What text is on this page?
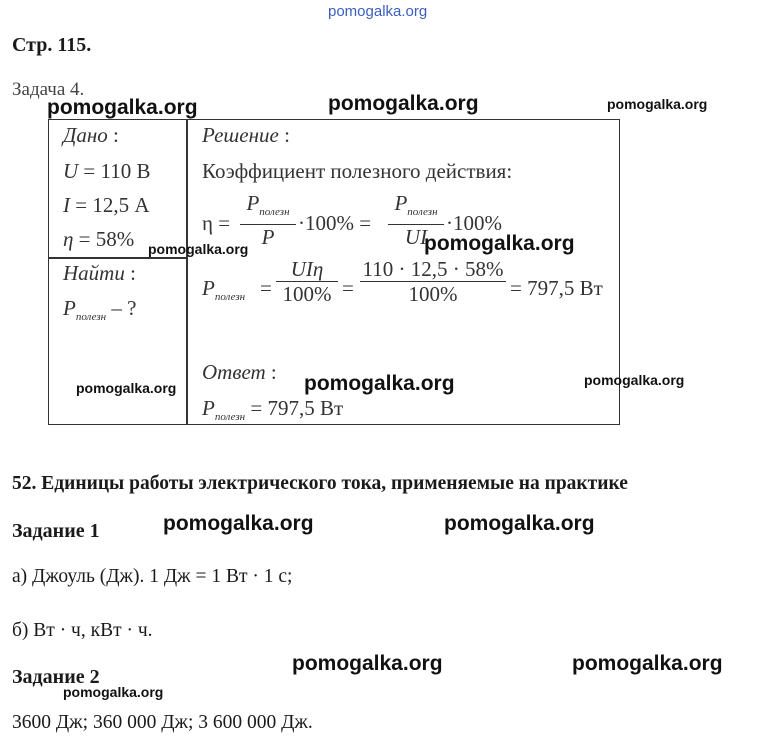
pomogalka.org
Стр. 115.
Задача 4.
Дано :
U = 110 В
I = 12,5 А
η = 58%
Найти :
$P_{полезн}$ – ?
Решение :
Коэффициент полезного действия:
η =
$P_{полезн}$
P
·100% =
$P_{полезн}$
UI
·100%
$P_{полезн}$ =
UIη
100% =
110 · 12,5 · 58%
100%	= 797,5 Вт
Ответ :
$P_{полезн} = 797,5$ Вт
52. Единицы работы электрического тока, применяемые на практике
Задание 1
а) Джоуль (Дж). 1 Дж = 1 Вт · 1 с;
б) Вт · ч, кВт · ч.
Задание 2
3600 Дж; 360 000 Дж; 3 600 000 Дж.
pomogalka.org	pomogalka.org	pomogalka.org
pomogalka.org	pomogalka.org
pomogalka.org	pomogalka.org	pomogalka.org
pomogalka.org	pomogalka.org
pomogalka.org	pomogalka.org
pomogalka.org
